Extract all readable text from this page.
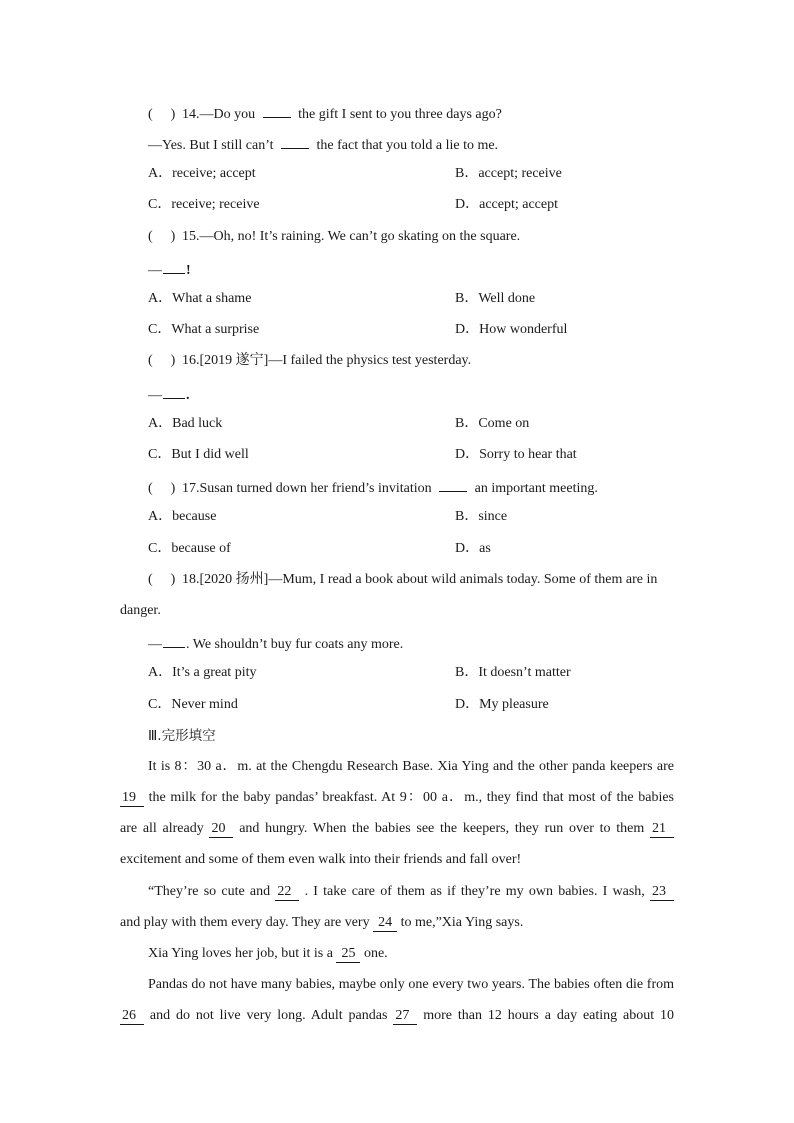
( ) 14.—Do you	the gift I sent to you three days ago?
—Yes. But I still can’t	the fact that you told a lie to me.
A．receive; accept	B．accept; receive
C．receive; receive	D．accept; accept
( ) 15.—Oh, no! It’s raining. We can’t go skating on the square.
— !
A．What a shame	B．Well done
C．What a surprise	D．How wonderful
( ) 16.[2019 遂宁]—I failed the physics test yesterday.
— .
A．Bad luck	B．Come on
C．But I did well	D．Sorry to hear that
( ) 17.Susan turned down her friend’s invitation	an important meeting.
A．because	B．since
C．because of	D．as
( ) 18.[2020 扬州]—Mum, I read a book about wild animals today. Some of them are in
danger.
— . We shouldn’t buy fur coats any more.
A．It’s a great pity	B．It doesn’t matter
C．Never mind	D．My pleasure
Ⅲ.完形填空
It is 8：30 a．m. at the Chengdu Research Base. Xia Ying and the other panda keepers are
19 the milk for the baby pandas’ breakfast. At 9：00 a．m., they find that most of the babies
are all already 20 and hungry. When the babies see the keepers, they run over to them 21
excitement and some of them even walk into their friends and fall over!
“They’re so cute and 22 . I take care of them as if they’re my own babies. I wash, 23
and play with them every day. They are very 24 to me,”Xia Ying says.
Xia Ying loves her job, but it is a 25 one.
Pandas do not have many babies, maybe only one every two years. The babies often die from
26 and do not live very long. Adult pandas 27 more than 12 hours a day eating about 10
